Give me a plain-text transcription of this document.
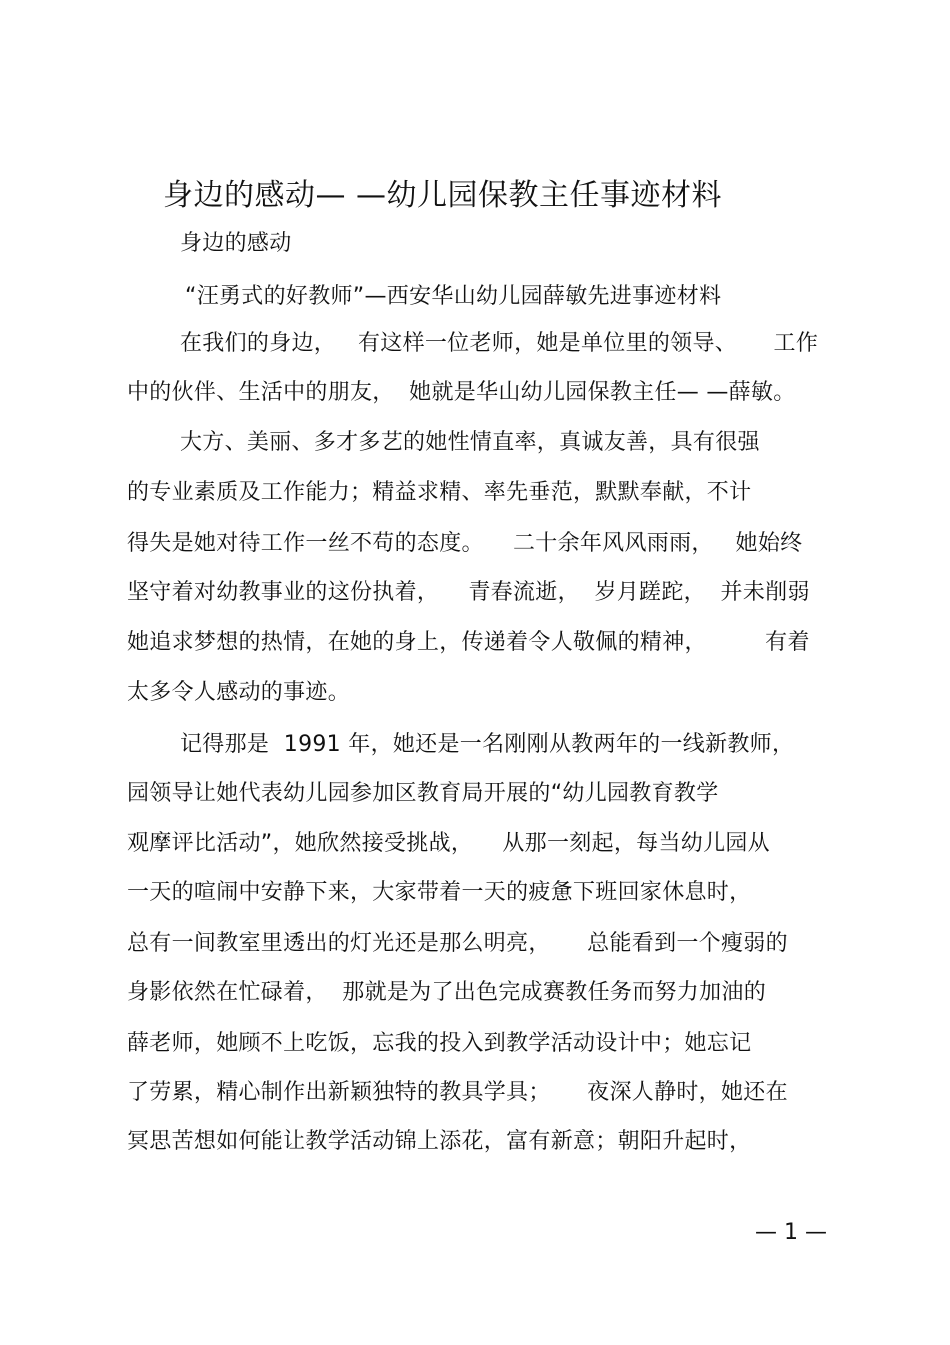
身边的感动— —幼儿园保教主任事迹材料
身边的感动
“汪勇式的好教师”—西安华山幼儿园薛敏先进事迹材料
在我们的身边，   有这样一位老师，她是单位里的领导、     工作
中的伙伴、生活中的朋友，  她就是华山幼儿园保教主任— —薛敏。
大方、美丽、多才多艺的她性情直率，真诚友善，具有很强
的专业素质及工作能力；精益求精、率先垂范，默默奉献，不计
得失是她对待工作一丝不苟的态度。    二十余年风风雨雨，   她始终
坚守着对幼教事业的这份执着，    青春流逝，  岁月蹉跎，  并未削弱
她追求梦想的热情，在她的身上，传递着令人敬佩的精神，        有着
太多令人感动的事迹。
记得那是  1991 年，她还是一名刚刚从教两年的一线新教师，
园领导让她代表幼儿园参加区教育局开展的“幼儿园教育教学
观摩评比活动”，她欣然接受挑战，    从那一刻起，每当幼儿园从
一天的喧闹中安静下来，大家带着一天的疲惫下班回家休息时，
总有一间教室里透出的灯光还是那么明亮，     总能看到一个瘦弱的
身影依然在忙碌着，  那就是为了出色完成赛教任务而努力加油的
薛老师，她顾不上吃饭，忘我的投入到教学活动设计中；她忘记
了劳累，精心制作出新颖独特的教具学具；     夜深人静时，她还在
冥思苦想如何能让教学活动锦上添花，富有新意；朝阳升起时，
— 1 —
